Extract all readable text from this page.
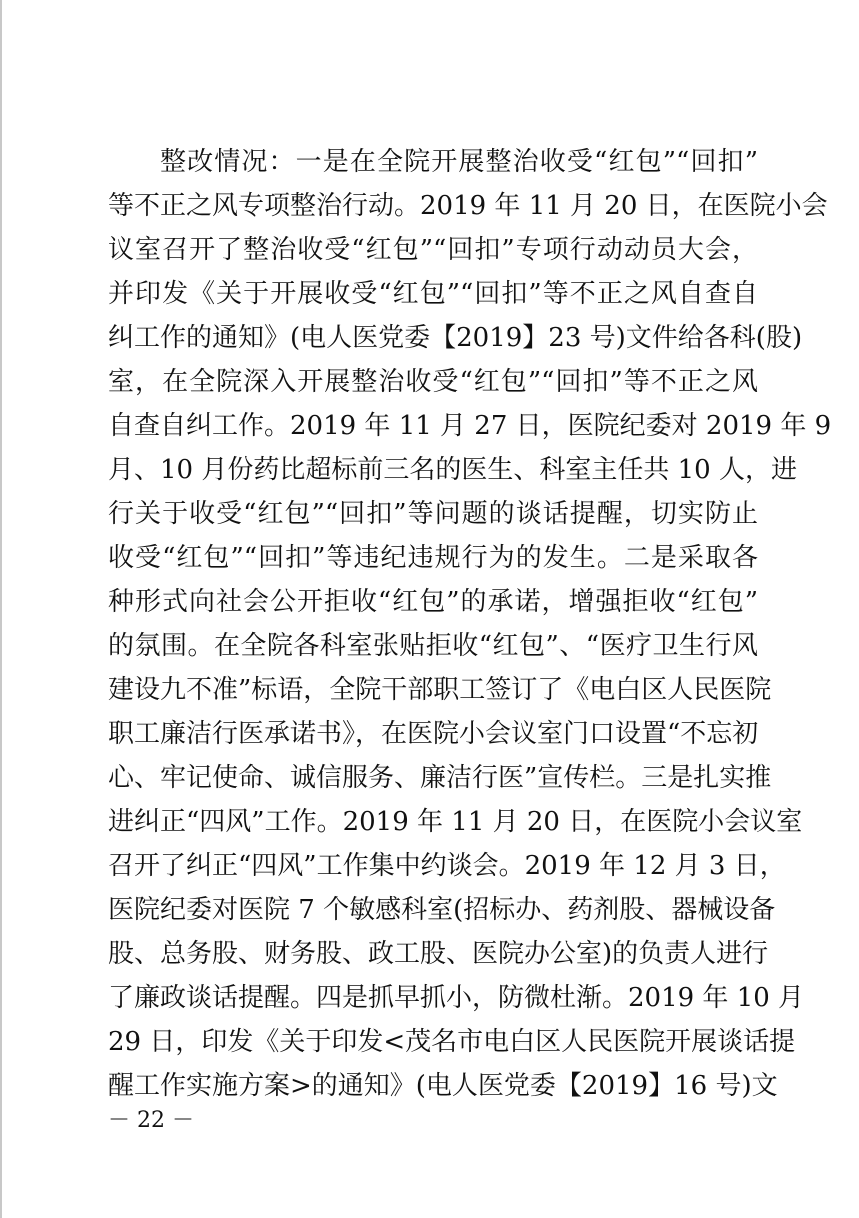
整改情况：一是在全院开展整治收受“红包”“回扣”
等不正之风专项整治行动。2019 年 11 月 20 日，在医院小会
议室召开了整治收受“红包”“回扣”专项行动动员大会，
并印发《关于开展收受“红包”“回扣”等不正之风自查自
纠工作的通知》(电人医党委【2019】23 号)文件给各科(股)
室，在全院深入开展整治收受“红包”“回扣”等不正之风
自查自纠工作。2019 年 11 月 27 日，医院纪委对 2019 年 9
月、10 月份药比超标前三名的医生、科室主任共 10 人，进
行关于收受“红包”“回扣”等问题的谈话提醒，切实防止
收受“红包”“回扣”等违纪违规行为的发生。二是采取各
种形式向社会公开拒收“红包”的承诺，增强拒收“红包”
的氛围。在全院各科室张贴拒收“红包”、“医疗卫生行风
建设九不准”标语，全院干部职工签订了《电白区人民医院
职工廉洁行医承诺书》，在医院小会议室门口设置“不忘初
心、牢记使命、诚信服务、廉洁行医”宣传栏。三是扎实推
进纠正“四风”工作。2019 年 11 月 20 日，在医院小会议室
召开了纠正“四风”工作集中约谈会。2019 年 12 月 3 日，
医院纪委对医院 7 个敏感科室(招标办、药剂股、器械设备
股、总务股、财务股、政工股、医院办公室)的负责人进行
了廉政谈话提醒。四是抓早抓小，防微杜渐。2019 年 10 月
29 日，印发《关于印发<茂名市电白区人民医院开展谈话提
醒工作实施方案>的通知》(电人医党委【2019】16 号)文
－ 22 －
